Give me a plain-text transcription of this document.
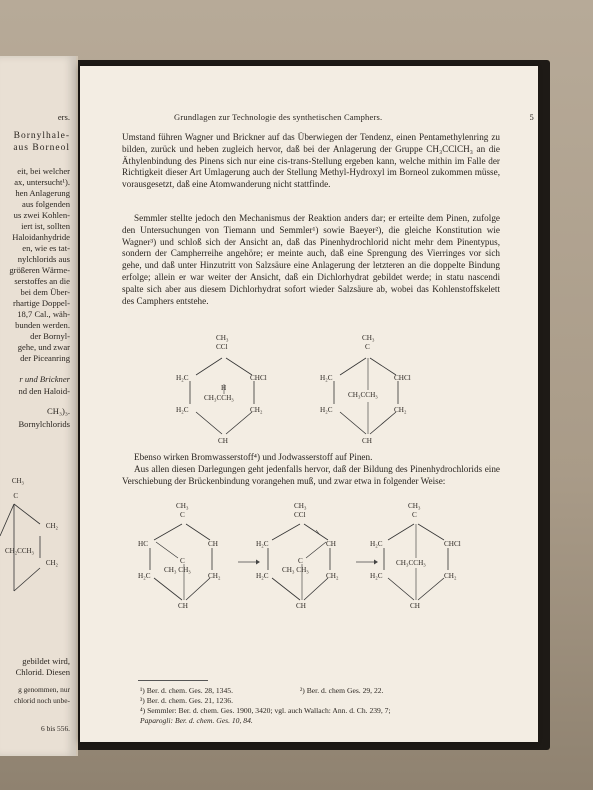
ers.
Bornylhale-
aus Borneol
eit, bei welcher
ax, untersucht¹).
hen Anlagerung
aus folgenden
us zwei Kohlen-
iert ist, sollten
Haloidanhydride
en, wie es tat-
nylchlorids aus
größeren Wärme-
serstoffes an die
bei dem Über-
rhartige Doppel-
18,7 Cal., wäh-
bunden werden.
der Bornyl-
gehe, und zwar
der Piceanring
r und Brickner
nd den Haloid-
CH₃)₃.
Bornylchlorids
CH₃
C
CH₂
CH₂CCH₃
CH₂
gebildet wird,
Chlorid. Diesen
g genommen, nur
chlorid noch unbe-
6 bis 556.
Grundlagen zur Technologie des synthetischen Camphers.	5

Umstand führen Wagner und Brickner auf das Überwiegen der Tendenz, einen Pentamethylenring zu bilden, zurück und heben zugleich hervor, daß bei der Anlagerung der Gruppe CH₃CClCH₃ an die Äthylenbindung des Pinens sich nur eine cis-trans-Stellung ergeben kann, welche mithin im Falle der Richtigkeit dieser Art Umlagerung auch der Stellung Methyl-Hydroxyl im Borneol zukommen müsse, vorausgesetzt, daß eine Atomwanderung nicht stattfinde.

Semmler stellte jedoch den Mechanismus der Reaktion anders dar; er erteilte dem Pinen, zufolge den Untersuchungen von Tiemann und Semmler¹) sowie Baeyer²), die gleiche Konstitution wie Wagner³) und schloß sich der Ansicht an, daß das Pinenhydrochlorid nicht mehr dem Pinentypus, sondern der Campherreihe angehöre; er meinte auch, daß eine Sprengung des Vierringes vor sich gehe, und daß unter Hinzutritt von Salzsäure eine Anlagerung der letzteren an die doppelte Bindung erfolge; allein er war weiter der Ansicht, daß ein Dichlorhydrat gebildet werde; in statu nascendi spalte sich aber aus diesem Dichlorhydrat sofort wieder Salzsäure ab, wobei das Kohlenstoffskelett des Camphers entstehe.

CH₃
CCl
H₂C	CHCl
H
CH₃CCH₃
H₂C	CH₂
CH
CH₃
C
H₂C	CHCl
CH₃CCH₃
H₂C	CH₂
CH

Ebenso wirken Bromwasserstoff⁴) und Jodwasserstoff auf Pinen.

Aus allen diesen Darlegungen geht jedenfalls hervor, daß der Bildung des Pinenhydrochlorids eine Verschiebung der Brückenbindung vorangehen muß, und zwar etwa in folgender Weise:

CH₃
C
HC	CH
C
CH₃ CH₃
H₂C	CH₂
CH
CH₃
CCl
H₂C	CH
C
CH₃ CH₃
H₂C	CH₂
CH
CH₃
C
H₂C	CHCl
CH₃CCH₃
H₂C	CH₂
CH
¹) Ber. d. chem. Ges. 28, 1345.	²) Ber. d. chem Ges. 29, 22.
³) Ber. d. chem. Ges. 21, 1236.
⁴) Semmler: Ber. d. chem. Ges. 1900, 3420; vgl. auch Wallach: Ann. d. Ch. 239, 7;
Paparogli: Ber. d. chem. Ges. 10, 84.
